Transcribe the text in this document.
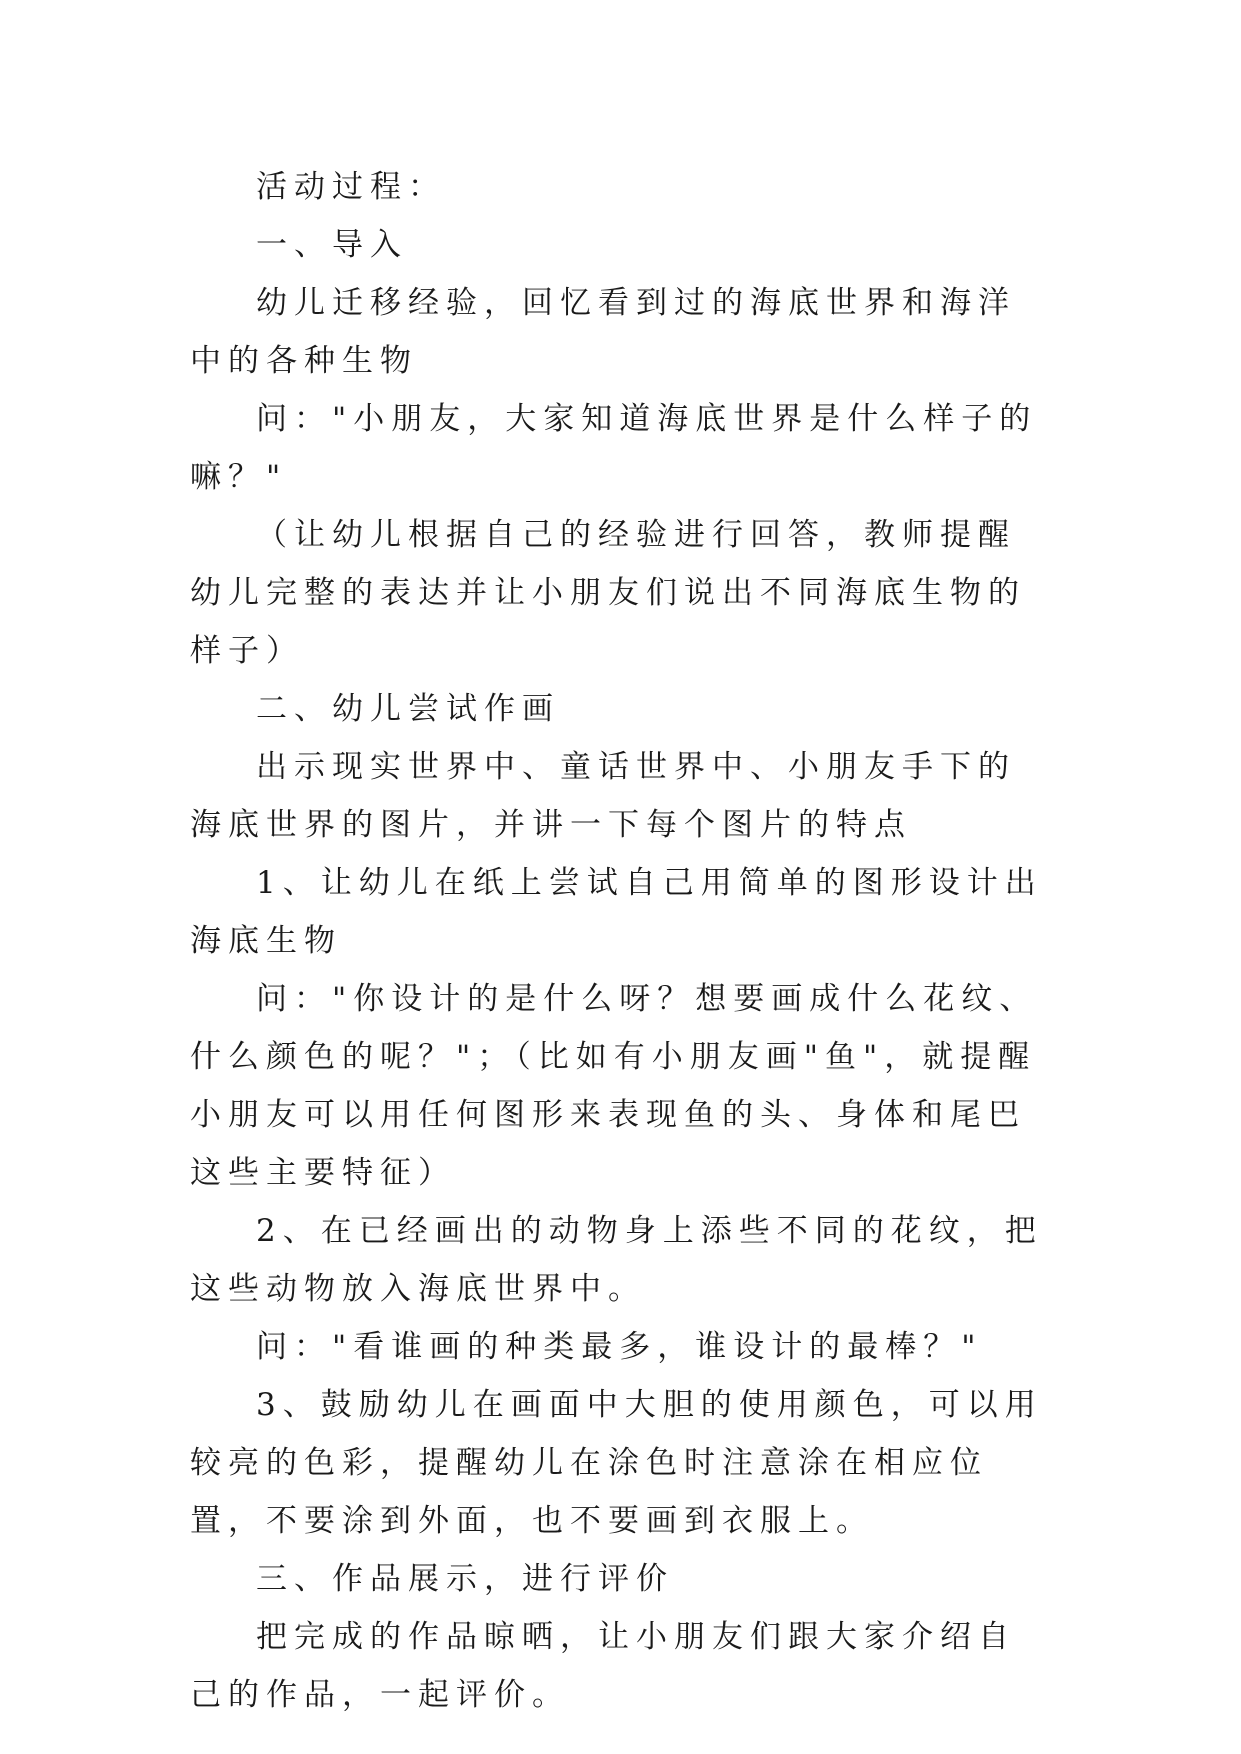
活动过程：

一、导入

幼儿迁移经验，回忆看到过的海底世界和海洋中的各种生物

问："小朋友，大家知道海底世界是什么样子的嘛？"

（让幼儿根据自己的经验进行回答，教师提醒幼儿完整的表达并让小朋友们说出不同海底生物的样子）

二、幼儿尝试作画

出示现实世界中、童话世界中、小朋友手下的海底世界的图片，并讲一下每个图片的特点

1、让幼儿在纸上尝试自己用简单的图形设计出海底生物

问："你设计的是什么呀？想要画成什么花纹、什么颜色的呢？"；（比如有小朋友画"鱼"，就提醒小朋友可以用任何图形来表现鱼的头、身体和尾巴这些主要特征）

2、在已经画出的动物身上添些不同的花纹，把这些动物放入海底世界中。

问："看谁画的种类最多，谁设计的最棒？"

3、鼓励幼儿在画面中大胆的使用颜色，可以用较亮的色彩，提醒幼儿在涂色时注意涂在相应位置，不要涂到外面，也不要画到衣服上。

三、作品展示，进行评价

把完成的作品晾晒，让小朋友们跟大家介绍自己的作品，一起评价。
